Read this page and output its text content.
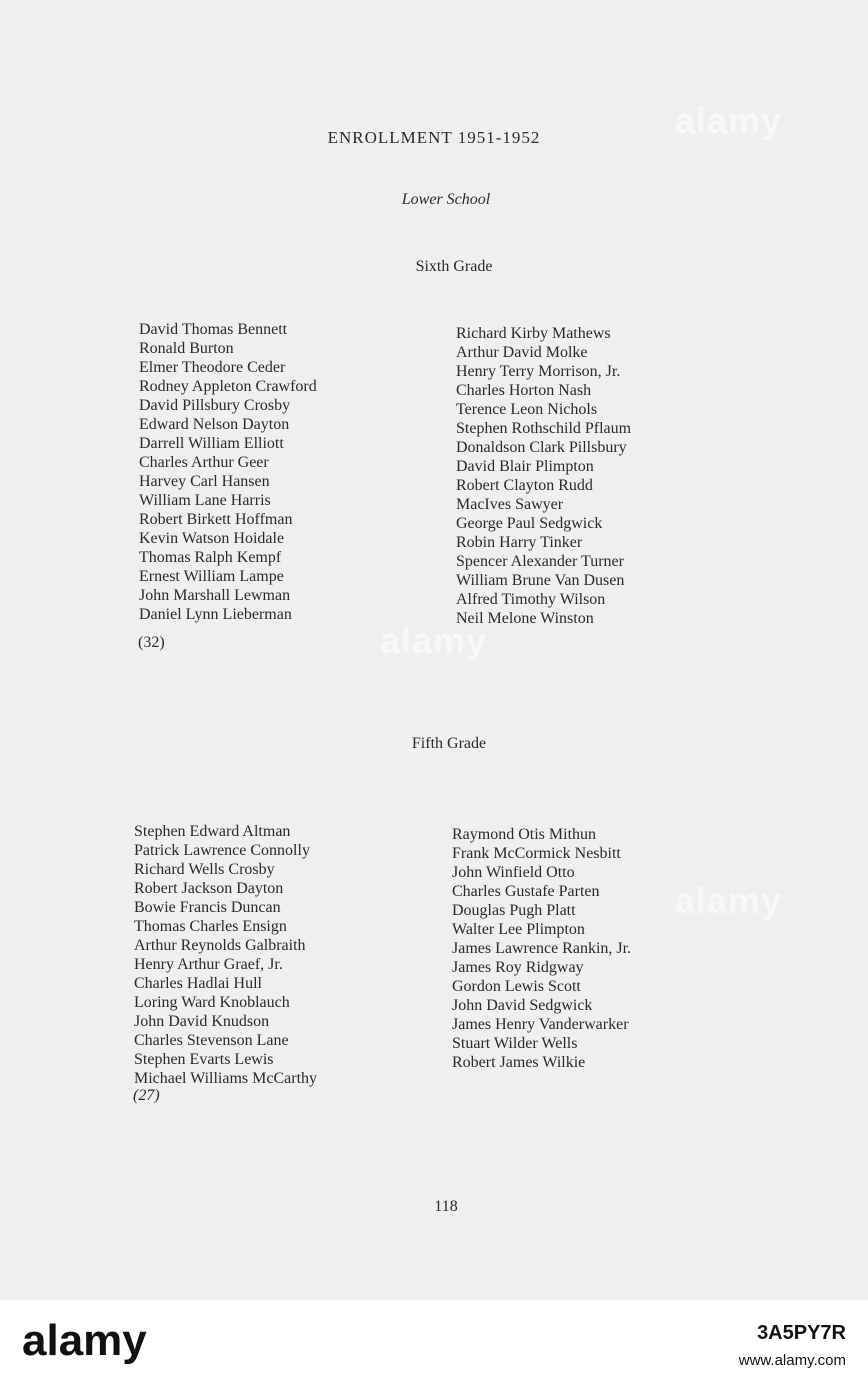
alamy
alamy
alamy
ENROLLMENT 1951-1952
Lower School
Sixth Grade
David Thomas Bennett
Ronald Burton
Elmer Theodore Ceder
Rodney Appleton Crawford
David Pillsbury Crosby
Edward Nelson Dayton
Darrell William Elliott
Charles Arthur Geer
Harvey Carl Hansen
William Lane Harris
Robert Birkett Hoffman
Kevin Watson Hoidale
Thomas Ralph Kempf
Ernest William Lampe
John Marshall Lewman
Daniel Lynn Lieberman
Richard Kirby Mathews
Arthur David Molke
Henry Terry Morrison, Jr.
Charles Horton Nash
Terence Leon Nichols
Stephen Rothschild Pflaum
Donaldson Clark Pillsbury
David Blair Plimpton
Robert Clayton Rudd
MacIves Sawyer
George Paul Sedgwick
Robin Harry Tinker
Spencer Alexander Turner
William Brune Van Dusen
Alfred Timothy Wilson
Neil Melone Winston
(32)
Fifth Grade
Stephen Edward Altman
Patrick Lawrence Connolly
Richard Wells Crosby
Robert Jackson Dayton
Bowie Francis Duncan
Thomas Charles Ensign
Arthur Reynolds Galbraith
Henry Arthur Graef, Jr.
Charles Hadlai Hull
Loring Ward Knoblauch
John David Knudson
Charles Stevenson Lane
Stephen Evarts Lewis
Michael Williams McCarthy
Raymond Otis Mithun
Frank McCormick Nesbitt
John Winfield Otto
Charles Gustafe Parten
Douglas Pugh Platt
Walter Lee Plimpton
James Lawrence Rankin, Jr.
James Roy Ridgway
Gordon Lewis Scott
John David Sedgwick
James Henry Vanderwarker
Stuart Wilder Wells
Robert James Wilkie
(27)
118
alamy	3A5PY7R
www.alamy.com
